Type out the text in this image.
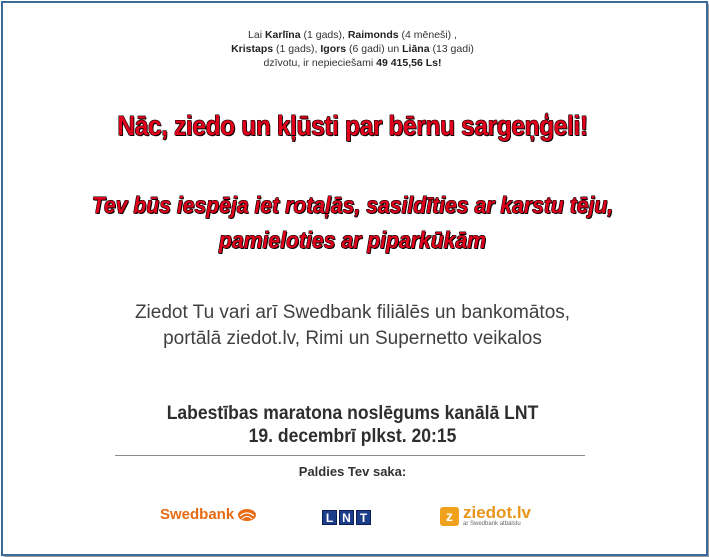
Lai Karlīna (1 gads), Raimonds (4 mēneši) ,
Kristaps (1 gads), Igors (6 gadi) un Liāna (13 gadi)
dzīvotu, ir nepieciešami 49 415,56 Ls!
Nāc, ziedo un kļūsti par bērnu sargeņģeli!
Tev būs iespēja iet rotaļās, sasildīties ar karstu tēju,
pamieloties ar piparkūkām
Ziedot Tu vari arī Swedbank filiālēs un bankomātos,
portālā ziedot.lv, Rimi un Supernetto veikalos
Labestības maratona noslēgums kanālā LNT
19. decembrī plkst. 20:15
Paldies Tev saka:
Swedbank	L N T	z ziedot.lv
ar Swedbank atbalstu
